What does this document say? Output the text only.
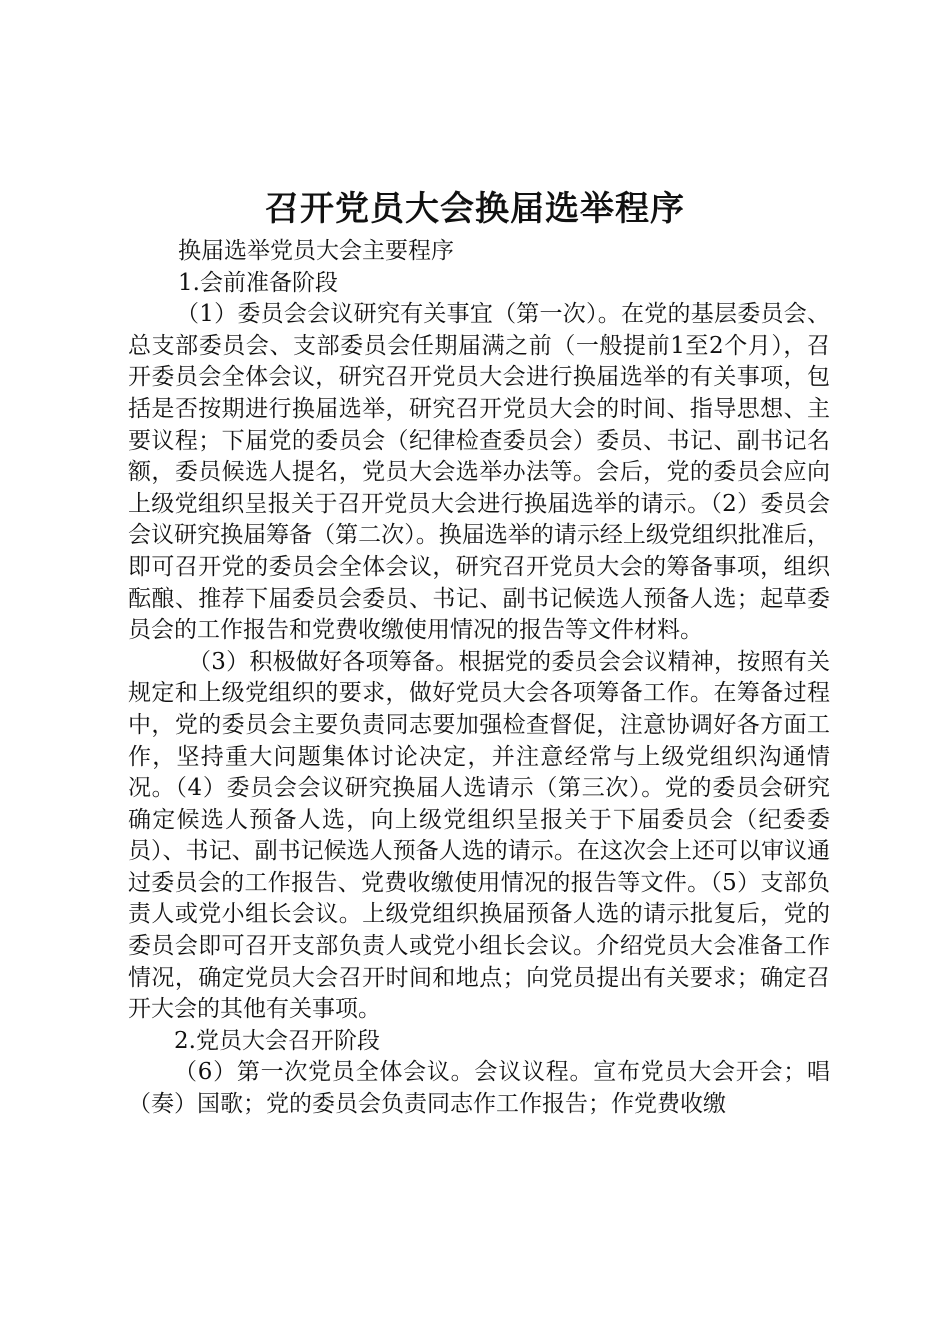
召开党员大会换届选举程序

换届选举党员大会主要程序

1.会前准备阶段

（1）委员会会议研究有关事宜（第一次）。在党的基层委员会、总支部委员会、支部委员会任期届满之前（一般提前1至2个月），召开委员会全体会议，研究召开党员大会进行换届选举的有关事项，包括是否按期进行换届选举，研究召开党员大会的时间、指导思想、主要议程；下届党的委员会（纪律检查委员会）委员、书记、副书记名额，委员候选人提名，党员大会选举办法等。会后，党的委员会应向上级党组织呈报关于召开党员大会进行换届选举的请示。（2）委员会会议研究换届筹备（第二次）。换届选举的请示经上级党组织批准后，即可召开党的委员会全体会议，研究召开党员大会的筹备事项，组织酝酿、推荐下届委员会委员、书记、副书记候选人预备人选；起草委员会的工作报告和党费收缴使用情况的报告等文件材料。

（3）积极做好各项筹备。根据党的委员会会议精神，按照有关规定和上级党组织的要求，做好党员大会各项筹备工作。在筹备过程中，党的委员会主要负责同志要加强检查督促，注意协调好各方面工作，坚持重大问题集体讨论决定，并注意经常与上级党组织沟通情况。（4）委员会会议研究换届人选请示（第三次）。党的委员会研究确定候选人预备人选，向上级党组织呈报关于下届委员会（纪委委员）、书记、副书记候选人预备人选的请示。在这次会上还可以审议通过委员会的工作报告、党费收缴使用情况的报告等文件。（5）支部负责人或党小组长会议。上级党组织换届预备人选的请示批复后，党的委员会即可召开支部负责人或党小组长会议。介绍党员大会准备工作情况，确定党员大会召开时间和地点；向党员提出有关要求；确定召开大会的其他有关事项。

2.党员大会召开阶段

（6）第一次党员全体会议。会议议程。宣布党员大会开会；唱（奏）国歌；党的委员会负责同志作工作报告；作党费收缴
